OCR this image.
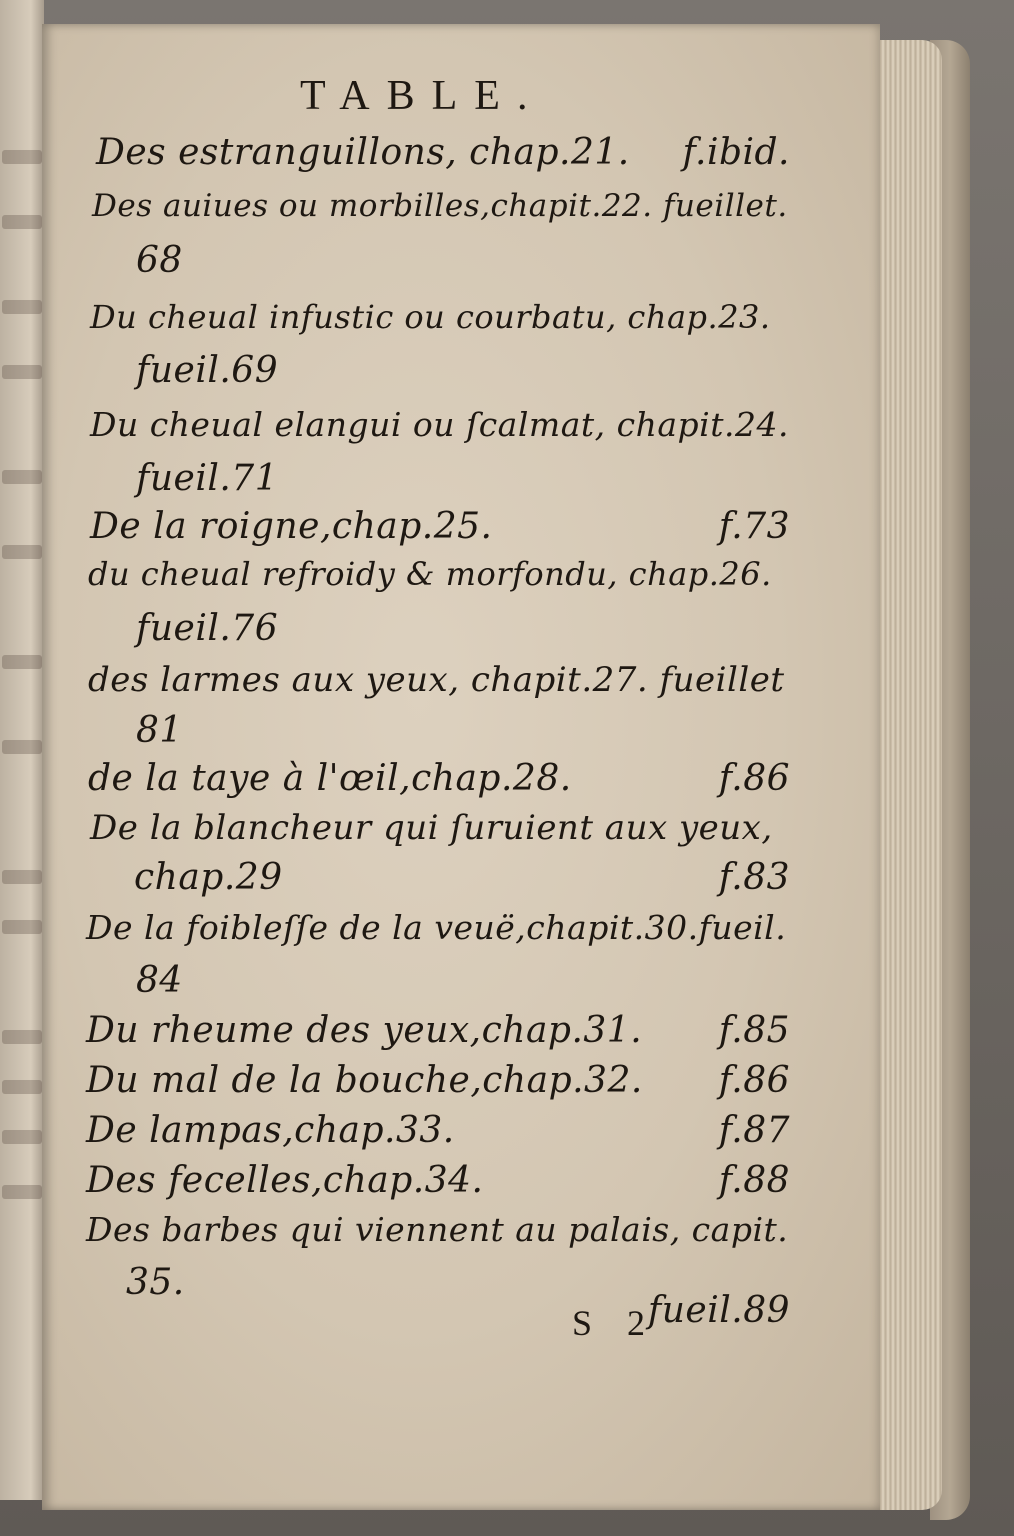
TABLE.
Des estranguillons, chap.21. f.ibid.
Des auiues ou morbilles,chapit.22. fueillet.
68
Du cheual infustic ou courbatu, chap.23.
fueil.69
Du cheual elangui ou ſcalmat, chapit.24.
fueil.71
De la roigne,chap.25.	f.73
du cheual refroidy & morfondu, chap.26.
fueil.76
des larmes aux yeux, chapit.27. fueillet
81
de la taye à l'œil,chap.28.	f.86
De la blancheur qui ſuruient aux yeux,
chap.29	f.83
De la foibleſſe de la veuë,chapit.30.fueil.
84
Du rheume des yeux,chap.31. f.85
Du mal de la bouche,chap.32. f.86
De lampas,chap.33.	f.87
Des fecelles,chap.34.	f.88
Des barbes qui viennent au palais, capit.
35.
fueil.89
S 2
